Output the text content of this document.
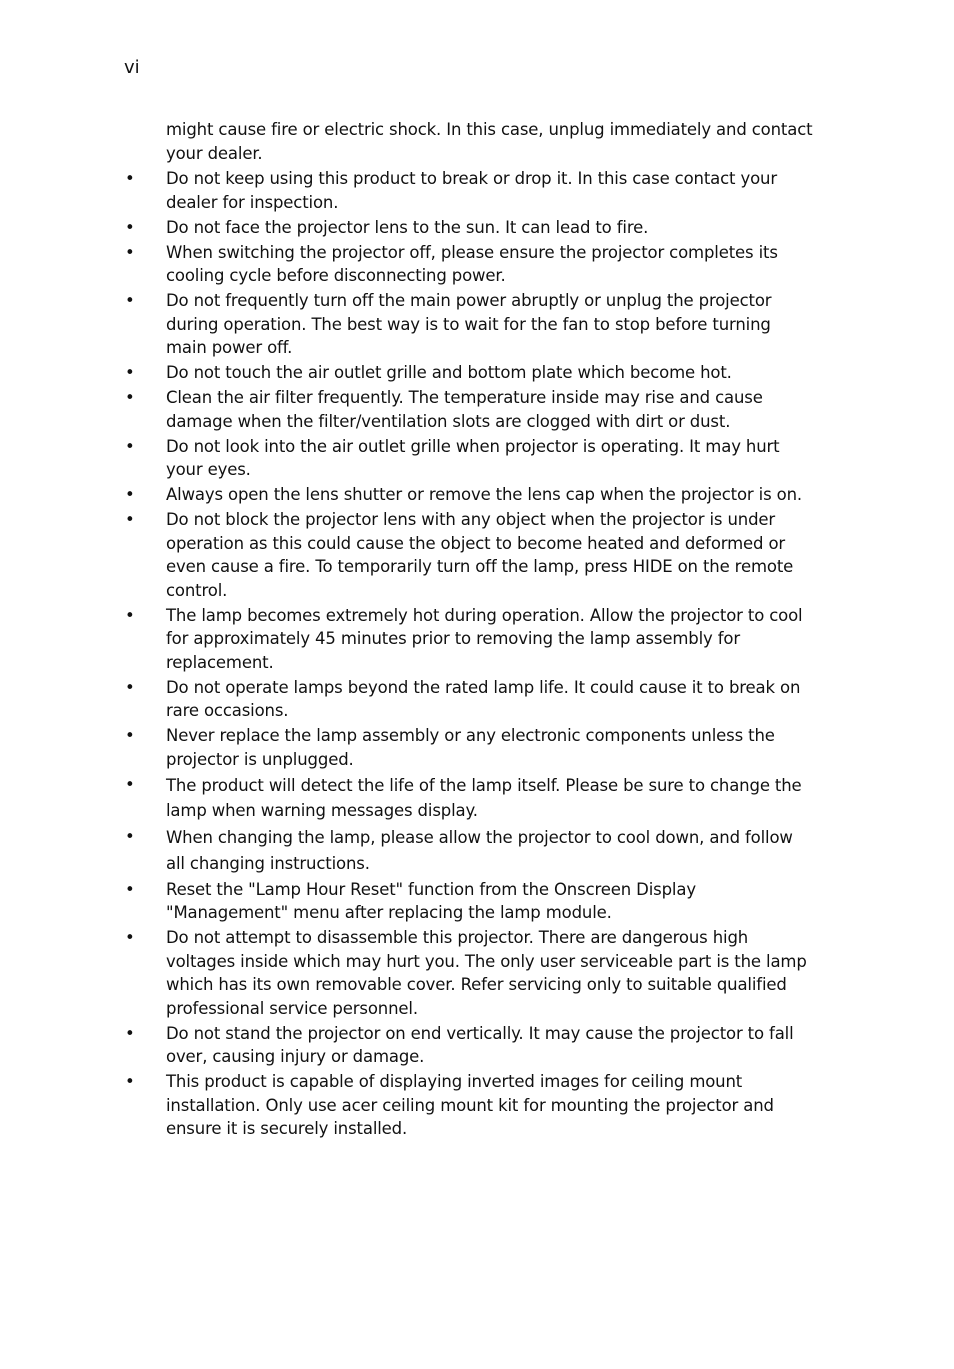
vi

might cause fire or electric shock. In this case, unplug immediately and contact your dealer.

• Do not keep using this product to break or drop it. In this case contact your dealer for inspection.
• Do not face the projector lens to the sun. It can lead to fire.
• When switching the projector off, please ensure the projector completes its cooling cycle before disconnecting power.
• Do not frequently turn off the main power abruptly or unplug the projector during operation. The best way is to wait for the fan to stop before turning main power off.
• Do not touch the air outlet grille and bottom plate which become hot.
• Clean the air filter frequently. The temperature inside may rise and cause damage when the filter/ventilation slots are clogged with dirt or dust.
• Do not look into the air outlet grille when projector is operating. It may hurt your eyes.
• Always open the lens shutter or remove the lens cap when the projector is on.
• Do not block the projector lens with any object when the projector is under operation as this could cause the object to become heated and deformed or even cause a fire. To temporarily turn off the lamp, press HIDE on the remote control.
• The lamp becomes extremely hot during operation. Allow the projector to cool for approximately 45 minutes prior to removing the lamp assembly for replacement.
• Do not operate lamps beyond the rated lamp life. It could cause it to break on rare occasions.
• Never replace the lamp assembly or any electronic components unless the projector is unplugged.
• The product will detect the life of the lamp itself. Please be sure to change the lamp when warning messages display.
• When changing the lamp, please allow the projector to cool down, and follow all changing instructions.
• Reset the "Lamp Hour Reset" function from the Onscreen Display "Management" menu after replacing the lamp module.
• Do not attempt to disassemble this projector. There are dangerous high voltages inside which may hurt you. The only user serviceable part is the lamp which has its own removable cover. Refer servicing only to suitable qualified professional service personnel.
• Do not stand the projector on end vertically. It may cause the projector to fall over, causing injury or damage.
• This product is capable of displaying inverted images for ceiling mount installation. Only use acer ceiling mount kit for mounting the projector and ensure it is securely installed.
